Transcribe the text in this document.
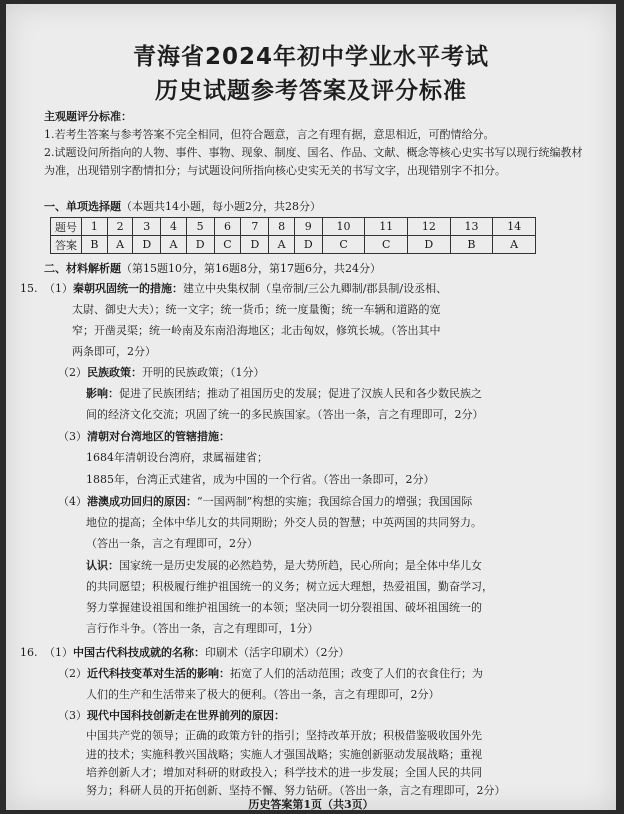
青海省2024年初中学业水平考试
历史试题参考答案及评分标准
主观题评分标准：
1.若考生答案与参考答案不完全相同，但符合题意，言之有理有据，意思相近，可酌情给分。
2.试题设问所指向的人物、事件、事物、现象、制度、国名、作品、文献、概念等核心史实书写以现行统编教材为准，出现错别字酌情扣分；与试题设问所指向核心史实无关的书写文字，出现错别字不扣分。
一、单项选择题（本题共14小题，每小题2分，共28分）
题号	1	2	3	4	5	6	7	8	9	10	11	12	13	14
答案	B	A	D	A	D	C	D	A	D	C	C	D	B	A
二、材料解析题（第15题10分，第16题8分，第17题6分，共24分）
15. （1）秦朝巩固统一的措施：建立中央集权制（皇帝制/三公九卿制/郡县制/设丞相、
太尉、御史大夫）；统一文字；统一货币；统一度量衡；统一车辆和道路的宽
窄；开凿灵渠；统一岭南及东南沿海地区；北击匈奴，修筑长城。（答出其中
两条即可，2分）
（2）民族政策：开明的民族政策；（1分）
影响：促进了民族团结；推动了祖国历史的发展；促进了汉族人民和各少数民族之
间的经济文化交流；巩固了统一的多民族国家。（答出一条，言之有理即可，2分）
（3）清朝对台湾地区的管辖措施：
1684年清朝设台湾府，隶属福建省；
1885年，台湾正式建省，成为中国的一个行省。（答出一条即可，2分）
（4）港澳成功回归的原因：“一国两制”构想的实施；我国综合国力的增强；我国国际
地位的提高；全体中华儿女的共同期盼；外交人员的智慧；中英两国的共同努力。
（答出一条，言之有理即可，2分）
认识：国家统一是历史发展的必然趋势，是大势所趋，民心所向；是全体中华儿女
的共同愿望；积极履行维护祖国统一的义务；树立远大理想，热爱祖国，勤奋学习，
努力掌握建设祖国和维护祖国统一的本领；坚决同一切分裂祖国、破坏祖国统一的
言行作斗争。（答出一条，言之有理即可，1分）
16. （1）中国古代科技成就的名称：印刷术（活字印刷术）（2分）
（2）近代科技变革对生活的影响：拓宽了人们的活动范围；改变了人们的衣食住行；为
人们的生产和生活带来了极大的便利。（答出一条，言之有理即可，2分）
（3）现代中国科技创新走在世界前列的原因：
中国共产党的领导；正确的政策方针的指引；坚持改革开放；积极借鉴吸收国外先
进的技术；实施科教兴国战略；实施人才强国战略；实施创新驱动发展战略；重视
培养创新人才；增加对科研的财政投入；科学技术的进一步发展；全国人民的共同
努力；科研人员的开拓创新、坚持不懈、努力钻研。（答出一条，言之有理即可，2分）
历史答案第1页（共3页）
